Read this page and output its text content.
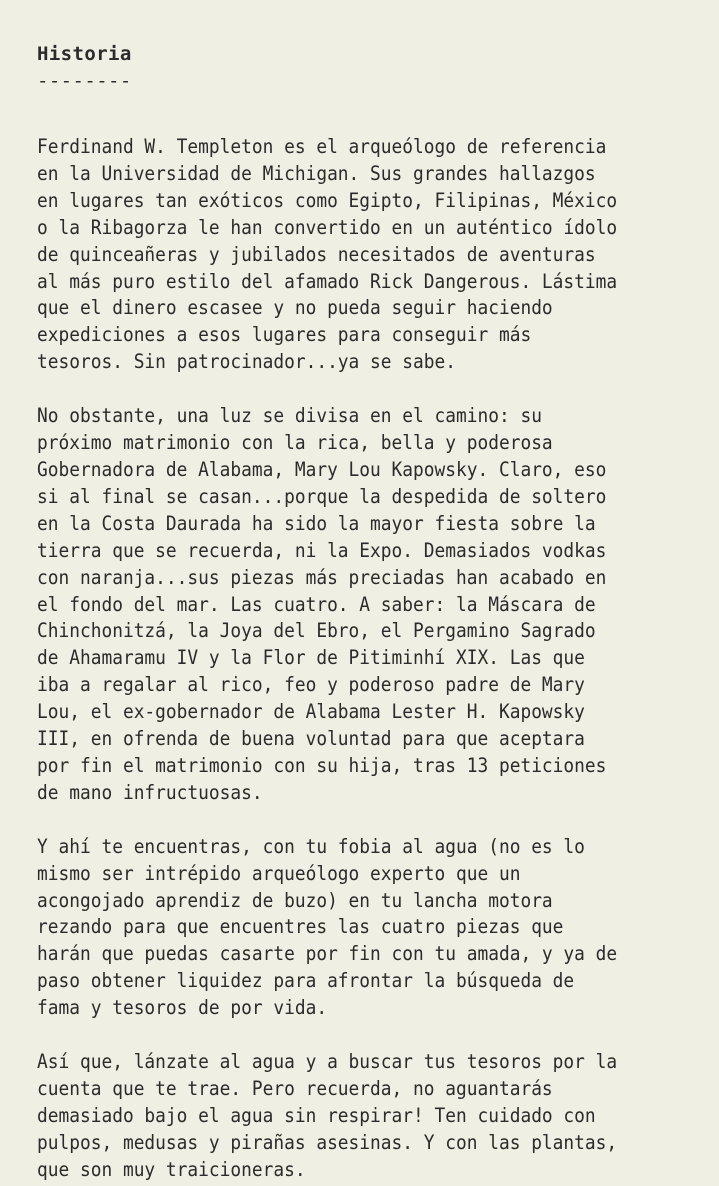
Historia
--------
Ferdinand W. Templeton es el arqueólogo de referencia
en la Universidad de Michigan. Sus grandes hallazgos
en lugares tan exóticos como Egipto, Filipinas, México
o la Ribagorza le han convertido en un auténtico ídolo
de quinceañeras y jubilados necesitados de aventuras
al más puro estilo del afamado Rick Dangerous. Lástima
que el dinero escasee y no pueda seguir haciendo
expediciones a esos lugares para conseguir más
tesoros. Sin patrocinador...ya se sabe.
No obstante, una luz se divisa en el camino: su
próximo matrimonio con la rica, bella y poderosa
Gobernadora de Alabama, Mary Lou Kapowsky. Claro, eso
si al final se casan...porque la despedida de soltero
en la Costa Daurada ha sido la mayor fiesta sobre la
tierra que se recuerda, ni la Expo. Demasiados vodkas
con naranja...sus piezas más preciadas han acabado en
el fondo del mar. Las cuatro. A saber: la Máscara de
Chinchonitzá, la Joya del Ebro, el Pergamino Sagrado
de Ahamaramu IV y la Flor de Pitiminhí XIX. Las que
iba a regalar al rico, feo y poderoso padre de Mary
Lou, el ex-gobernador de Alabama Lester H. Kapowsky
III, en ofrenda de buena voluntad para que aceptara
por fin el matrimonio con su hija, tras 13 peticiones
de mano infructuosas.
Y ahí te encuentras, con tu fobia al agua (no es lo
mismo ser intrépido arqueólogo experto que un
acongojado aprendiz de buzo) en tu lancha motora
rezando para que encuentres las cuatro piezas que
harán que puedas casarte por fin con tu amada, y ya de
paso obtener liquidez para afrontar la búsqueda de
fama y tesoros de por vida.
Así que, lánzate al agua y a buscar tus tesoros por la
cuenta que te trae. Pero recuerda, no aguantarás
demasiado bajo el agua sin respirar! Ten cuidado con
pulpos, medusas y pirañas asesinas. Y con las plantas,
que son muy traicioneras.
